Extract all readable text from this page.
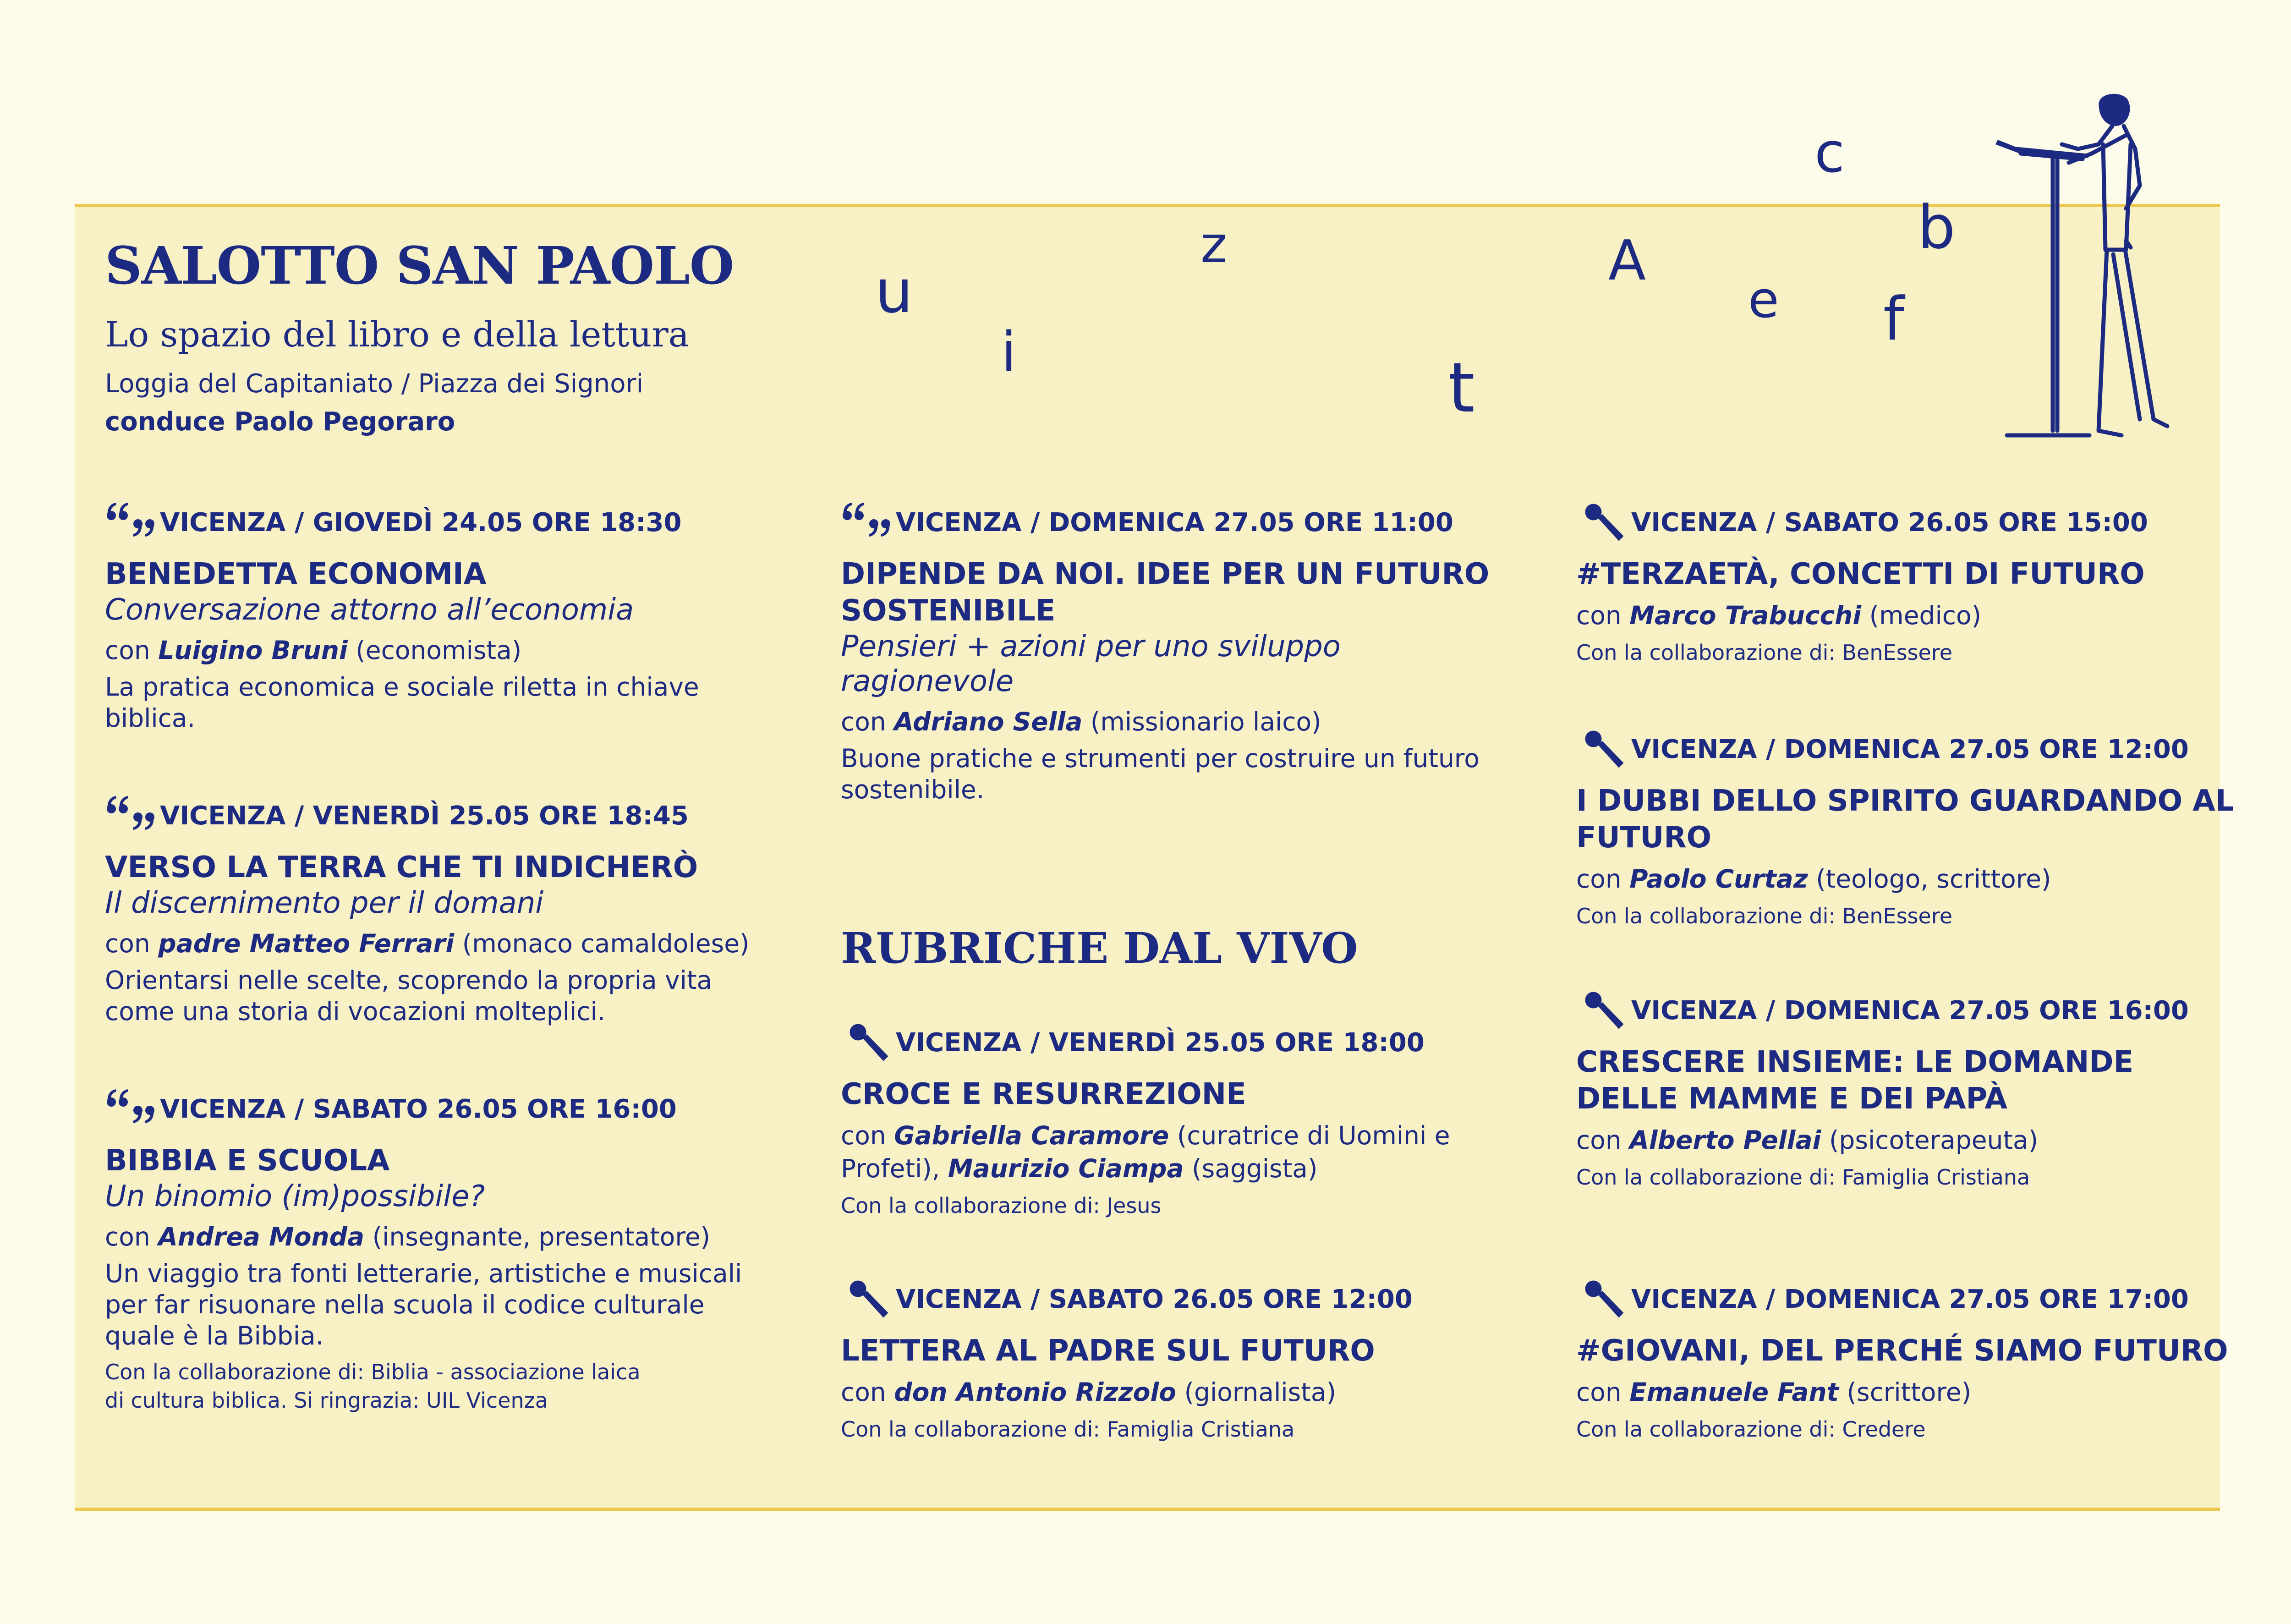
SALOTTO SAN PAOLO
Lo spazio del libro e della lettura
Loggia del Capitaniato / Piazza dei Signori
conduce Paolo Pegoraro
u
i
z
t
A
e
c
f
b
VICENZA / GIOVEDÌ 24.05 ORE 18:30
BENEDETTA ECONOMIA
Conversazione attorno all’economia
con Luigino Bruni (economista)
La pratica economica e sociale riletta in chiave biblica.
VICENZA / VENERDÌ 25.05 ORE 18:45
VERSO LA TERRA CHE TI INDICHERÒ
Il discernimento per il domani
con padre Matteo Ferrari (monaco camaldolese)
Orientarsi nelle scelte, scoprendo la propria vita come una storia di vocazioni molteplici.
VICENZA / SABATO 26.05 ORE 16:00
BIBBIA E SCUOLA
Un binomio (im)possibile?
con Andrea Monda (insegnante, presentatore)
Un viaggio tra fonti letterarie, artistiche e musicali per far risuonare nella scuola il codice culturale quale è la Bibbia.
Con la collaborazione di: Biblia - associazione laica
di cultura biblica. Si ringrazia: UIL Vicenza
VICENZA / DOMENICA 27.05 ORE 11:00
DIPENDE DA NOI. IDEE PER UN FUTURO SOSTENIBILE
Pensieri + azioni per uno sviluppo ragionevole
con Adriano Sella (missionario laico)
Buone pratiche e strumenti per costruire un futuro sostenibile.
RUBRICHE DAL VIVO
VICENZA / VENERDÌ 25.05 ORE 18:00
CROCE E RESURREZIONE
con Gabriella Caramore (curatrice di Uomini e Profeti), Maurizio Ciampa (saggista)
Con la collaborazione di: Jesus
VICENZA / SABATO 26.05 ORE 12:00
LETTERA AL PADRE SUL FUTURO
con don Antonio Rizzolo (giornalista)
Con la collaborazione di: Famiglia Cristiana
VICENZA / SABATO 26.05 ORE 15:00
#TERZAETÀ, CONCETTI DI FUTURO
con Marco Trabucchi (medico)
Con la collaborazione di: BenEssere
VICENZA / DOMENICA 27.05 ORE 12:00
I DUBBI DELLO SPIRITO GUARDANDO AL FUTURO
con Paolo Curtaz (teologo, scrittore)
Con la collaborazione di: BenEssere
VICENZA / DOMENICA 27.05 ORE 16:00
CRESCERE INSIEME: LE DOMANDE DELLE MAMME E DEI PAPÀ
con Alberto Pellai (psicoterapeuta)
Con la collaborazione di: Famiglia Cristiana
VICENZA / DOMENICA 27.05 ORE 17:00
#GIOVANI, DEL PERCHÉ SIAMO FUTURO
con Emanuele Fant (scrittore)
Con la collaborazione di: Credere
